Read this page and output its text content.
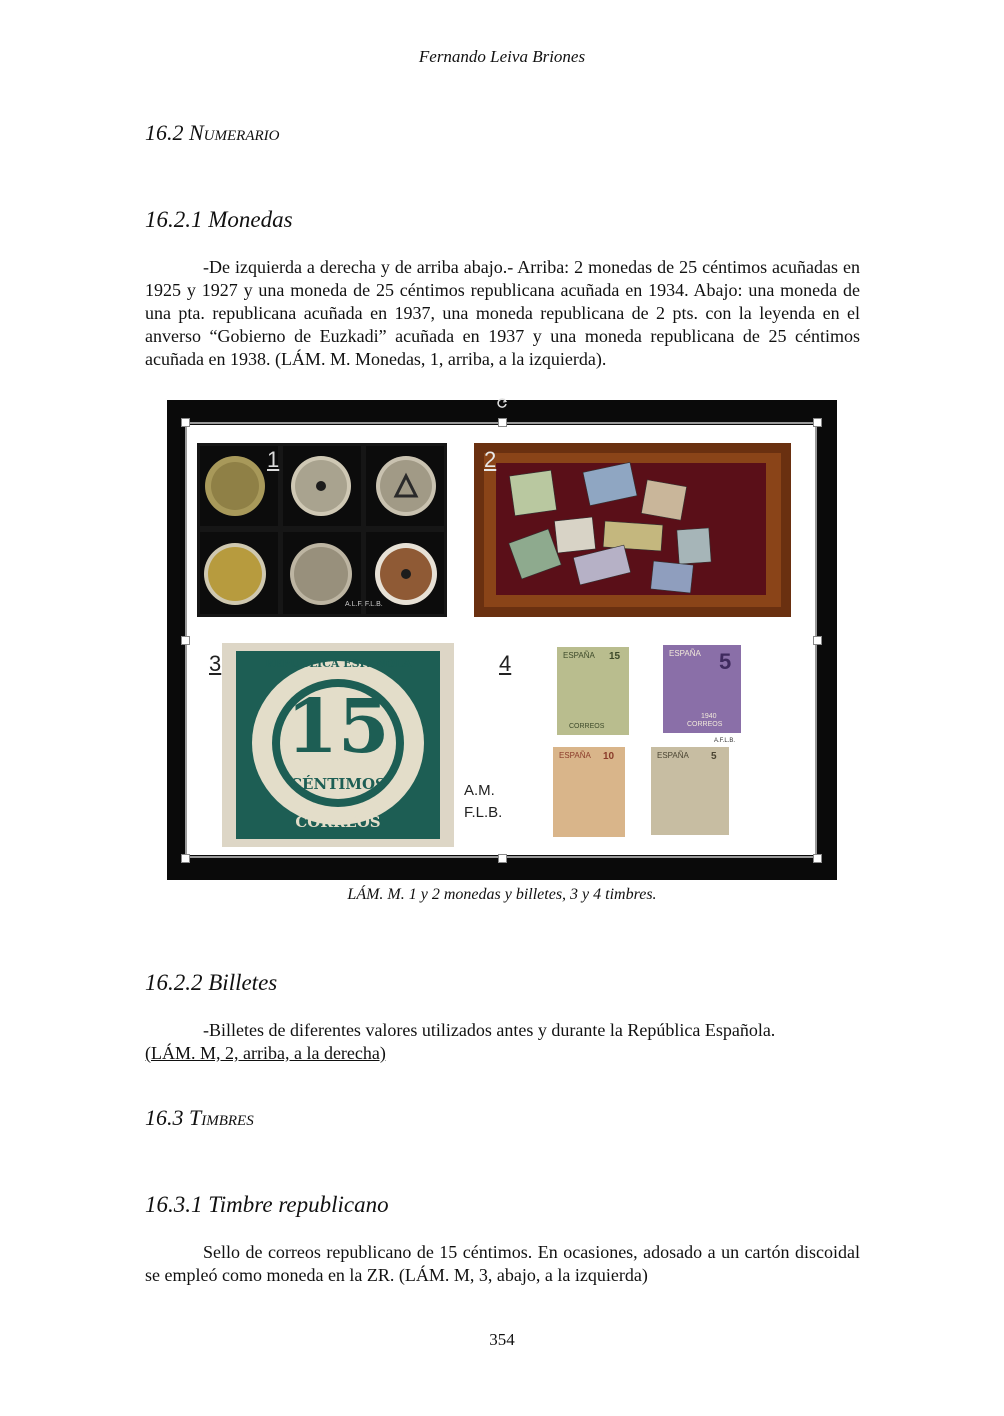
Fernando Leiva Briones
16.2 Numerario
16.2.1 Monedas

-De izquierda a derecha y de arriba abajo.- Arriba: 2 monedas de 25 céntimos acuñadas en 1925 y 1927 y una moneda de 25 céntimos republicana acuñada en 1934. Abajo: una moneda de una pta. republicana acuñada en 1937, una moneda republicana de 2 pts. con la leyenda en el anverso “Gobierno de Euzkadi” acuñada en 1937 y una moneda republicana de 25 céntimos acuñada en 1938. (LÁM. M. Monedas, 1, arriba, a la izquierda).

1
A.L.F. F.L.B.
2
3
15
REPUBLICA ESPAÑOLA
CÉNTIMOS
CORREOS
A.M.
F.L.B.
4	ESPAÑA 15
CORREOS
5
ESPAÑA
1940
CORREOS
A.F.L.B.
ESPAÑA 10	ESPAÑA 5
LÁM. M. 1 y 2 monedas y billetes, 3 y 4 timbres.
16.2.2 Billetes

-Billetes de diferentes valores utilizados antes y durante la República Española.

(LÁM. M, 2, arriba, a la derecha)
16.3 Timbres
16.3.1 Timbre republicano

Sello de correos republicano de 15 céntimos. En ocasiones, adosado a un cartón discoidal se empleó como moneda en la ZR. (LÁM. M, 3, abajo, a la izquierda)

354
